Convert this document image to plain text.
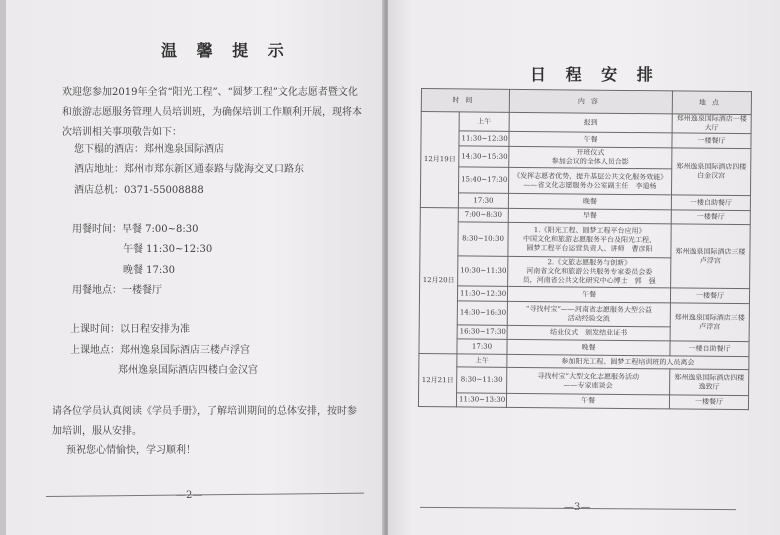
温 馨 提 示

欢迎您参加2019年全省“阳光工程”、“圆梦工程”文化志愿者暨文化和旅游志愿服务管理人员培训班，为确保培训工作顺利开展，现将本次培训相关事项敬告如下：

您下榻的酒店：郑州逸泉国际酒店

酒店地址：郑州市郑东新区通泰路与陇海交叉口路东

酒店总机：0371-55008888

用餐时间：早餐 7:00~8:30

午餐 11:30~12:30

晚餐 17:30

用餐地点：一楼餐厅

上课时间：以日程安排为准

上课地点：郑州逸泉国际酒店三楼卢浮宫

郑州逸泉国际酒店四楼白金汉宫

请各位学员认真阅读《学员手册》，了解培训期间的总体安排，按时参加培训，服从安排。

预祝您心情愉快，学习顺利！

—2—
日 程 安 排
—3—
时间		内容	地点
12月19日	上午	报到	郑州逸泉国际酒店一楼大厅
	11:30~12:30	午餐	一楼餐厅
	14:30~15:30	开班仪式
参加会议的全体人员合影	郑州逸泉国际酒店四楼白金汉宫
	15:40~17:30	《发挥志愿者优势，提升基层公共文化服务效能》
——省文化志愿服务办公室副主任　李道杨	
	17:30	晚餐	一楼自助餐厅
12月20日	7:00~8:30	早餐	一楼餐厅
	8:30~10:30	1.《阳光工程、圆梦工程平台应用》
中国文化和旅游志愿服务平台及阳光工程、
圆梦工程平台运营负责人、讲师　曹彦阳	郑州逸泉国际酒店三楼卢浮宫
	10:30~11:30	2.《文旅志愿服务与创新》
河南省文化和旅游公共服务专家委员会委
员，河南省公共文化研究中心博士　郭　强	
	11:30~12:30	午餐	一楼餐厅
	14:30~16:30	“寻找村宝”——河南省志愿服务大型公益
活动经验交流	郑州逸泉国际酒店三楼卢浮宫
	16:30~17:30	结业仪式　颁发结业证书	
	17:30	晚餐	一楼自助餐厅
12月21日	上午	参加阳光工程、圆梦工程培训班的人员离会	
	8:30~11:30	寻找村宝”大型文化志愿服务活动
——专家座谈会	郑州逸泉国际酒店四楼逸致厅
	11:30~13:30	午餐	一楼餐厅
